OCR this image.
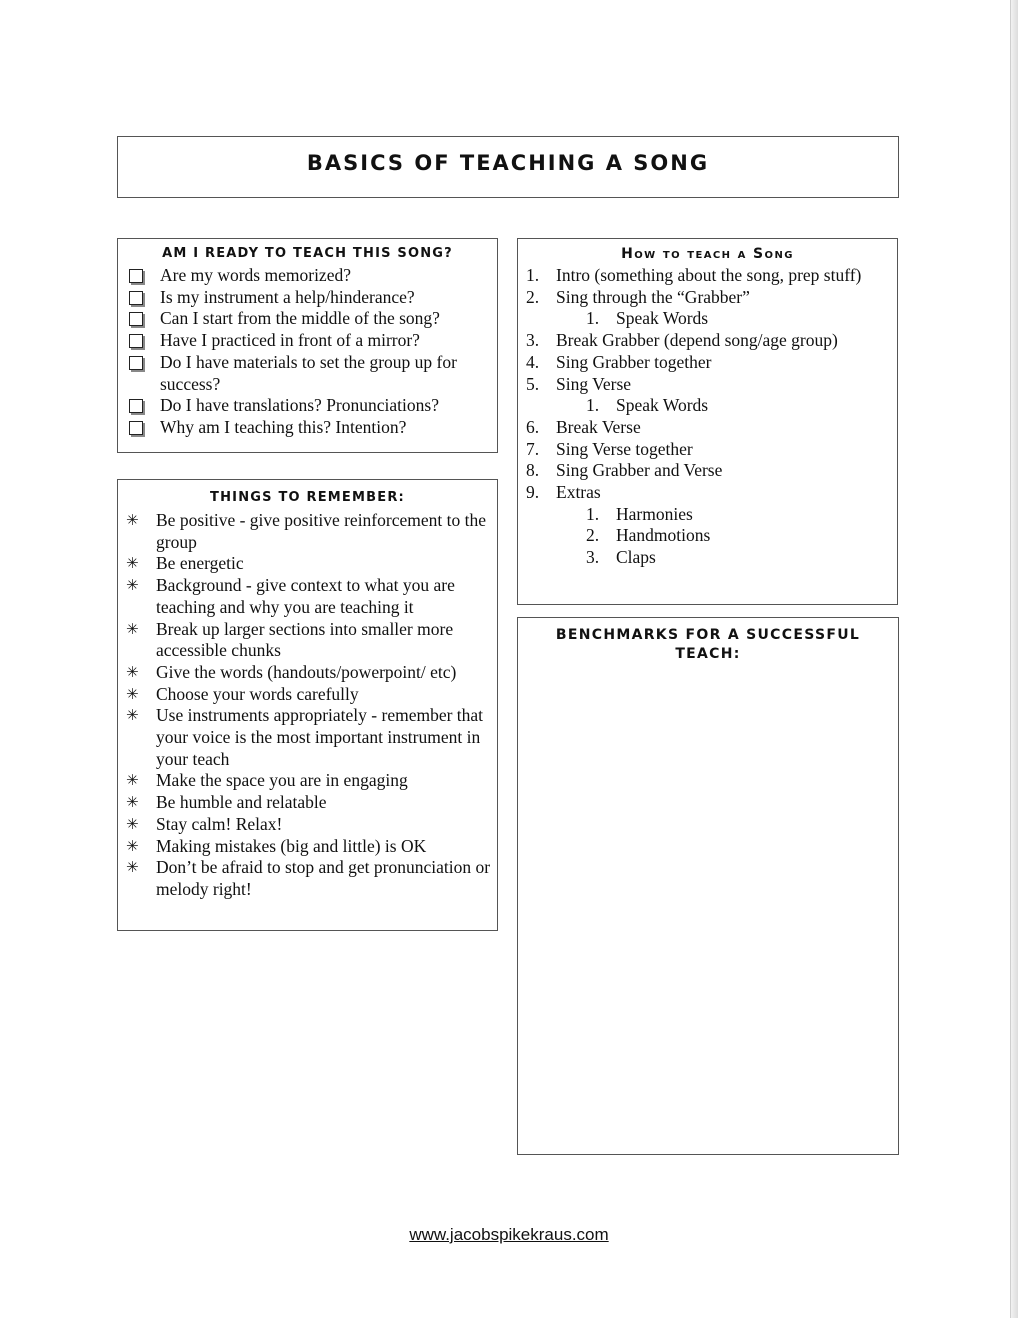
BASICS OF TEACHING A SONG
AM I READY TO TEACH THIS SONG?
Are my words memorized?
Is my instrument a help/hinderance?
Can I start from the middle of the song?
Have I practiced in front of a mirror?
Do I have materials to set the group up for success?
Do I have translations? Pronunciations?
Why am I teaching this? Intention?
THINGS TO REMEMBER:
✳ Be positive - give positive reinforcement to the group
✳ Be energetic
✳ Background - give context to what you are teaching and why you are teaching it
✳ Break up larger sections into smaller more accessible chunks
✳ Give the words (handouts/powerpoint/ etc)
✳ Choose your words carefully
✳ Use instruments appropriately - remember that your voice is the most important instrument in your teach
✳ Make the space you are in engaging
✳ Be humble and relatable
✳ Stay calm! Relax!
✳ Making mistakes (big and little) is OK
✳ Don’t be afraid to stop and get pronunciation or melody right!
How to teach a Song
1. Intro (something about the song, prep stuff)
2. Sing through the “Grabber”
1. Speak Words
3. Break Grabber (depend song/age group)
4. Sing Grabber together
5. Sing Verse
1. Speak Words
6. Break Verse
7. Sing Verse together
8. Sing Grabber and Verse
9. Extras
1. Harmonies
2. Handmotions
3. Claps
BENCHMARKS FOR A SUCCESSFUL TEACH:
www.jacobspikekraus.com
